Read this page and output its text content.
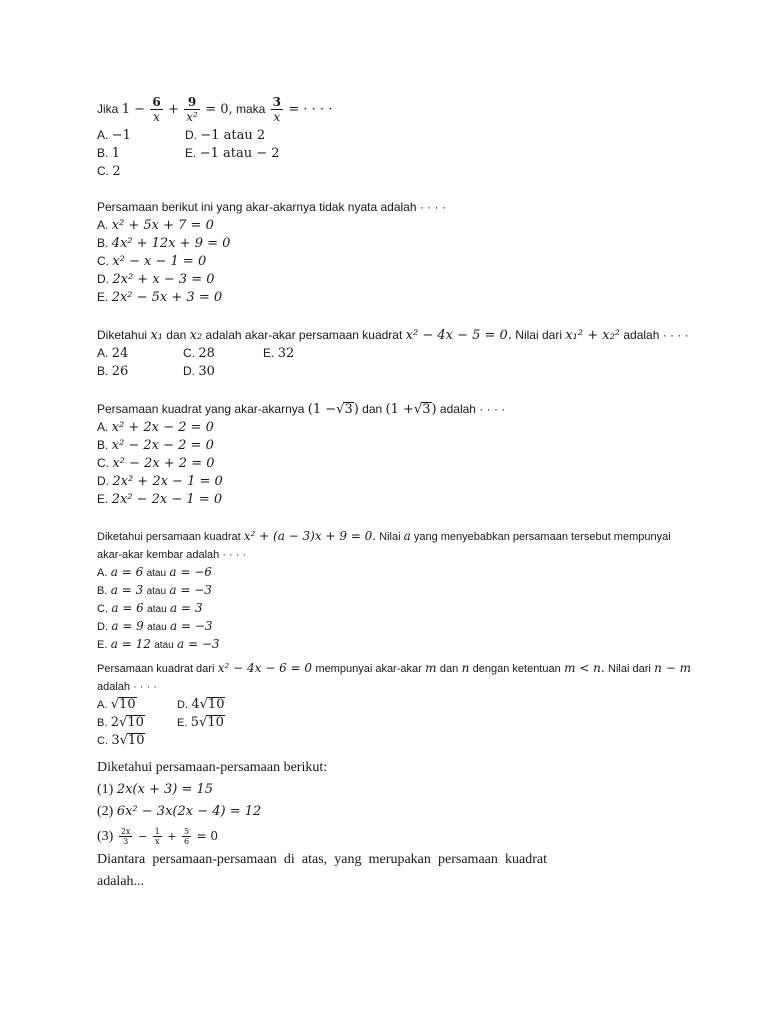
Jika $1 - \frac{6}{x} + \frac{9}{\text{x²}} = 0$, maka $\frac{3}{x}$ = · · · ·
A. −1	D. −1 atau 2
B. 1	E. −1 atau − 2
C. 2
Persamaan berikut ini yang akar-akarnya tidak nyata adalah · · · ·
A. x² + 5x + 7 = 0
B. 4x² + 12x + 9 = 0
C. x² − x − 1 = 0
D. 2x² + x − 3 = 0
E. 2x² − 5x + 3 = 0
Diketahui x₁ dan x₂ adalah akar-akar persamaan kuadrat x² − 4x − 5 = 0. Nilai dari x₁² + x₂² adalah · · · ·
A. 24	C. 28	E. 32
B. 26	D. 30
Persamaan kuadrat yang akar-akarnya (1 −√3) dan (1 +√3) adalah · · · ·
A. x² + 2x − 2 = 0
B. x² − 2x − 2 = 0
C. x² − 2x + 2 = 0
D. 2x² + 2x − 1 = 0
E. 2x² − 2x − 1 = 0
Diketahui persamaan kuadrat x² + (a − 3)x + 9 = 0. Nilai a yang menyebabkan persamaan tersebut mempunyai
akar-akar kembar adalah · · · ·
A. a = 6 atau a = −6
B. a = 3 atau a = −3
C. a = 6 atau a = 3
D. a = 9 atau a = −3
E. a = 12 atau a = −3
Persamaan kuadrat dari x² − 4x − 6 = 0 mempunyai akar-akar m dan n dengan ketentuan m < n. Nilai dari n − m
adalah · · · ·
A. √10	D. 4√10
B. 2√10	E. 5√10
C. 3√10
Diketahui persamaan-persamaan berikut:
(1) 2x(x + 3) = 15
(2) 6x² − 3x(2x − 4) = 12
$(3) \frac{2x}{3} - \frac{1}{x} + \frac{5}{6} = 0$
Diantara persamaan-persamaan di atas, yang merupakan persamaan kuadrat
adalah...
